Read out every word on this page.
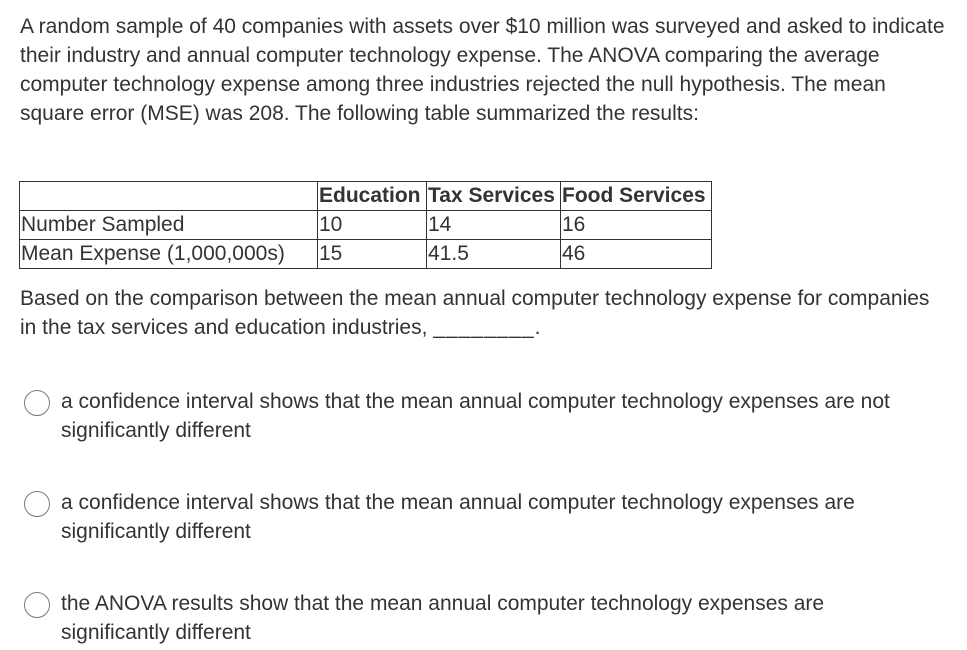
A random sample of 40 companies with assets over $10 million was surveyed and asked to indicate their industry and annual computer technology expense. The ANOVA comparing the average computer technology expense among three industries rejected the null hypothesis. The mean square error (MSE) was 208. The following table summarized the results:

	Education	Tax Services	Food Services
Number Sampled	10	14	16
Mean Expense (1,000,000s)	15	41.5	46

Based on the comparison between the mean annual computer technology expense for companies in the tax services and education industries, ________.

a confidence interval shows that the mean annual computer technology expenses are not significantly different
a confidence interval shows that the mean annual computer technology expenses are significantly different
the ANOVA results show that the mean annual computer technology expenses are significantly different
